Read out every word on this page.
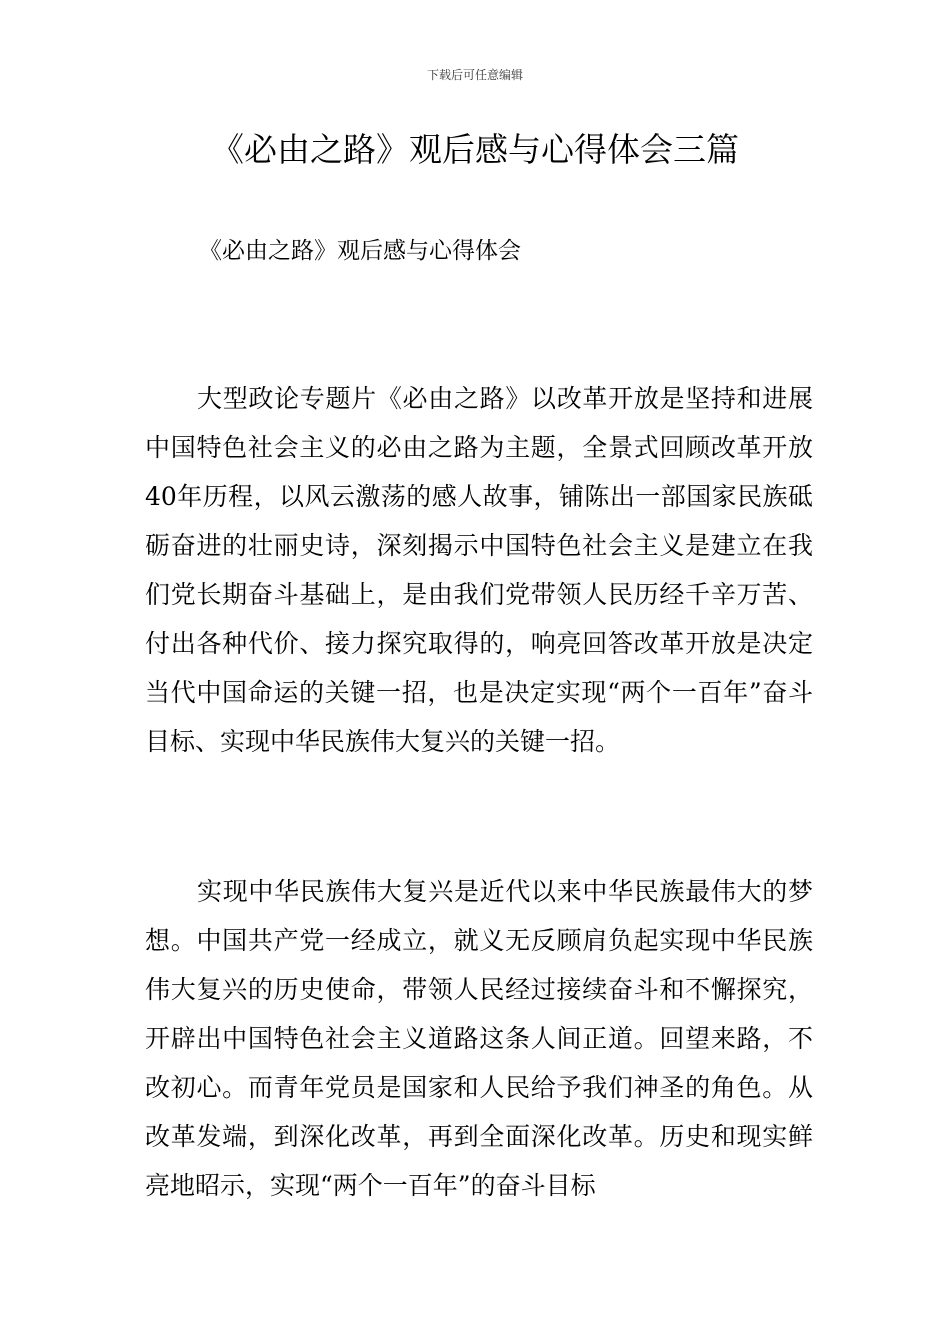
下载后可任意编辑
《必由之路》观后感与心得体会三篇
《必由之路》观后感与心得体会

大型政论专题片《必由之路》以改革开放是坚持和进展中国特色社会主义的必由之路为主题，全景式回顾改革开放40年历程，以风云激荡的感人故事，铺陈出一部国家民族砥砺奋进的壮丽史诗，深刻揭示中国特色社会主义是建立在我们党长期奋斗基础上，是由我们党带领人民历经千辛万苦、付出各种代价、接力探究取得的，响亮回答改革开放是决定当代中国命运的关键一招，也是决定实现“两个一百年”奋斗目标、实现中华民族伟大复兴的关键一招。

实现中华民族伟大复兴是近代以来中华民族最伟大的梦想。中国共产党一经成立，就义无反顾肩负起实现中华民族伟大复兴的历史使命，带领人民经过接续奋斗和不懈探究，开辟出中国特色社会主义道路这条人间正道。回望来路，不改初心。而青年党员是国家和人民给予我们神圣的角色。从改革发端，到深化改革，再到全面深化改革。历史和现实鲜亮地昭示，实现“两个一百年”的奋斗目标
